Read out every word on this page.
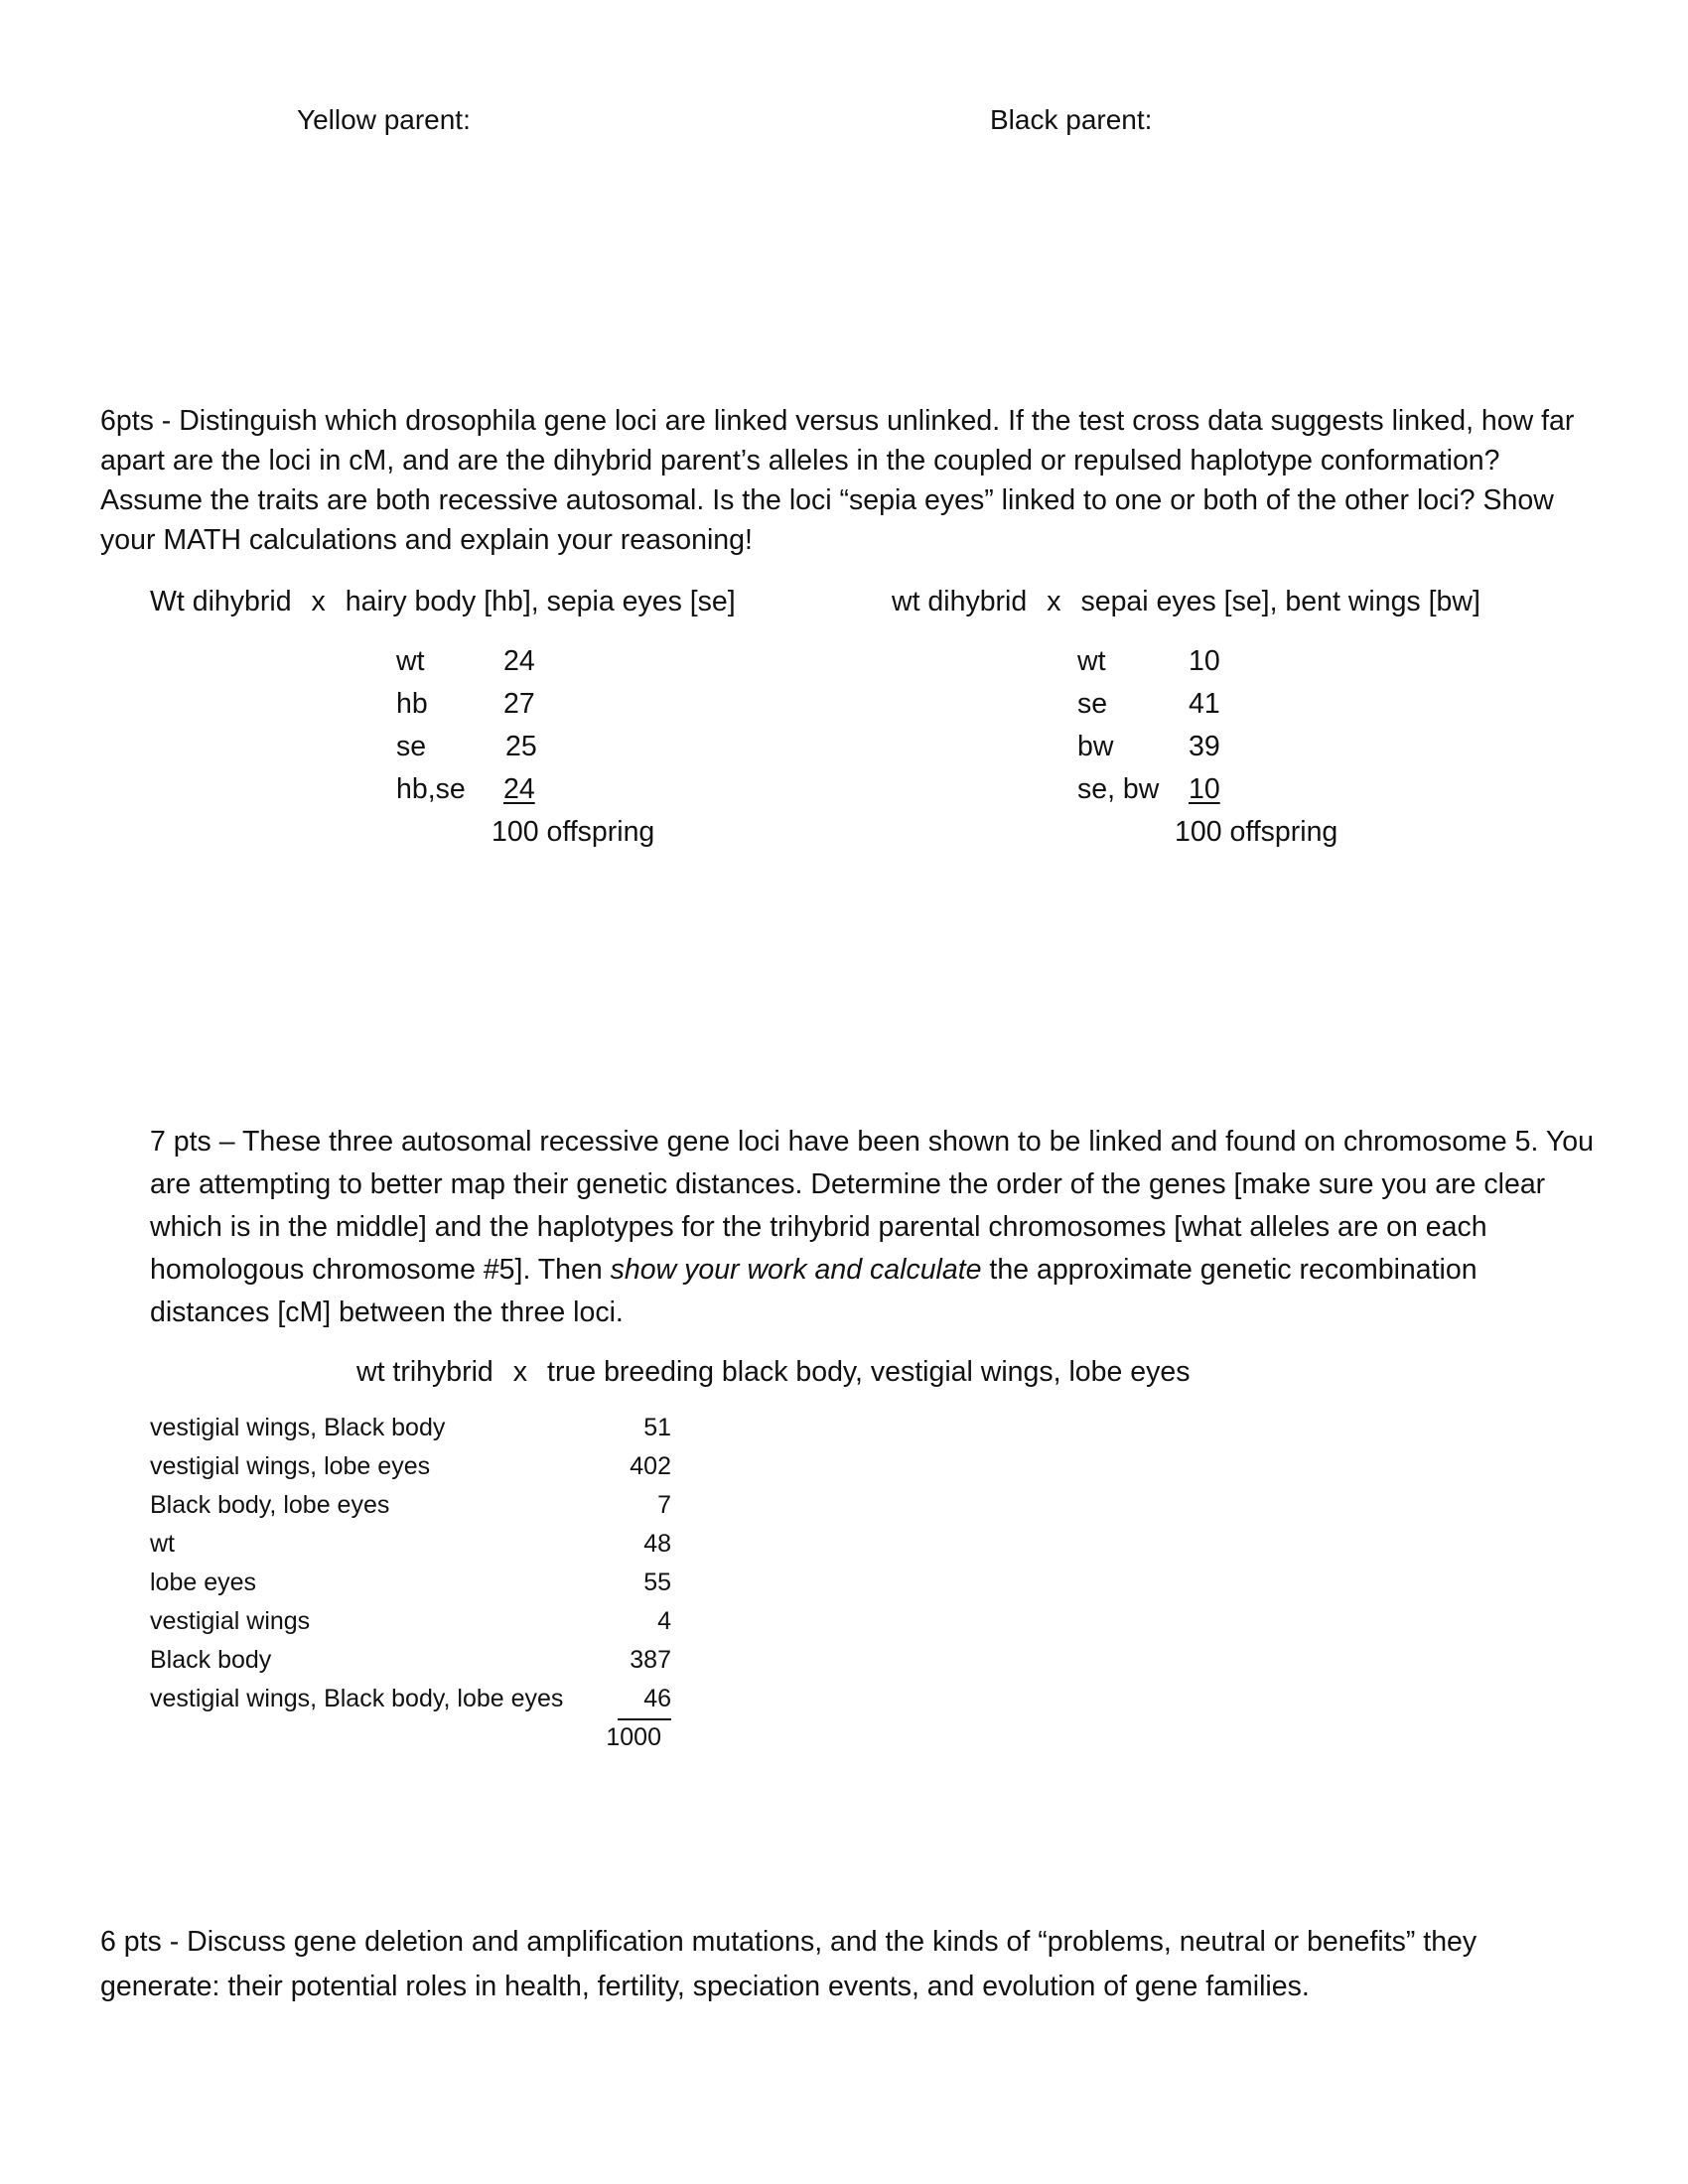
Yellow parent:	Black parent:
6pts - Distinguish which drosophila gene loci are linked versus unlinked. If the test cross data suggests linked, how far
apart are the loci in cM, and are the dihybrid parent’s alleles in the coupled or repulsed haplotype conformation?
Assume the traits are both recessive autosomal. Is the loci “sepia eyes” linked to one or both of the other loci? Show
your MATH calculations and explain your reasoning!
Wt dihybrid x hairy body [hb], sepia eyes [se]	wt dihybrid x sepai eyes [se], bent wings [bw]
wt	24
hb	27
se	25
hb,se 24
100 offspring
wt	10
se	41
bw	39
se, bw 10
100 offspring
7 pts – These three autosomal recessive gene loci have been shown to be linked and found on chromosome 5. You
are attempting to better map their genetic distances. Determine the order of the genes [make sure you are clear
which is in the middle] and the haplotypes for the trihybrid parental chromosomes [what alleles are on each
homologous chromosome #5]. Then show your work and calculate the approximate genetic recombination
distances [cM] between the three loci.
wt trihybrid x true breeding black body, vestigial wings, lobe eyes
vestigial wings, Black body	51
vestigial wings, lobe eyes	402
Black body, lobe eyes	7
wt	48
lobe eyes	55
vestigial wings	4
Black body	387
vestigial wings, Black body, lobe eyes	46
1000
6 pts - Discuss gene deletion and amplification mutations, and the kinds of “problems, neutral or benefits” they
generate: their potential roles in health, fertility, speciation events, and evolution of gene families.
